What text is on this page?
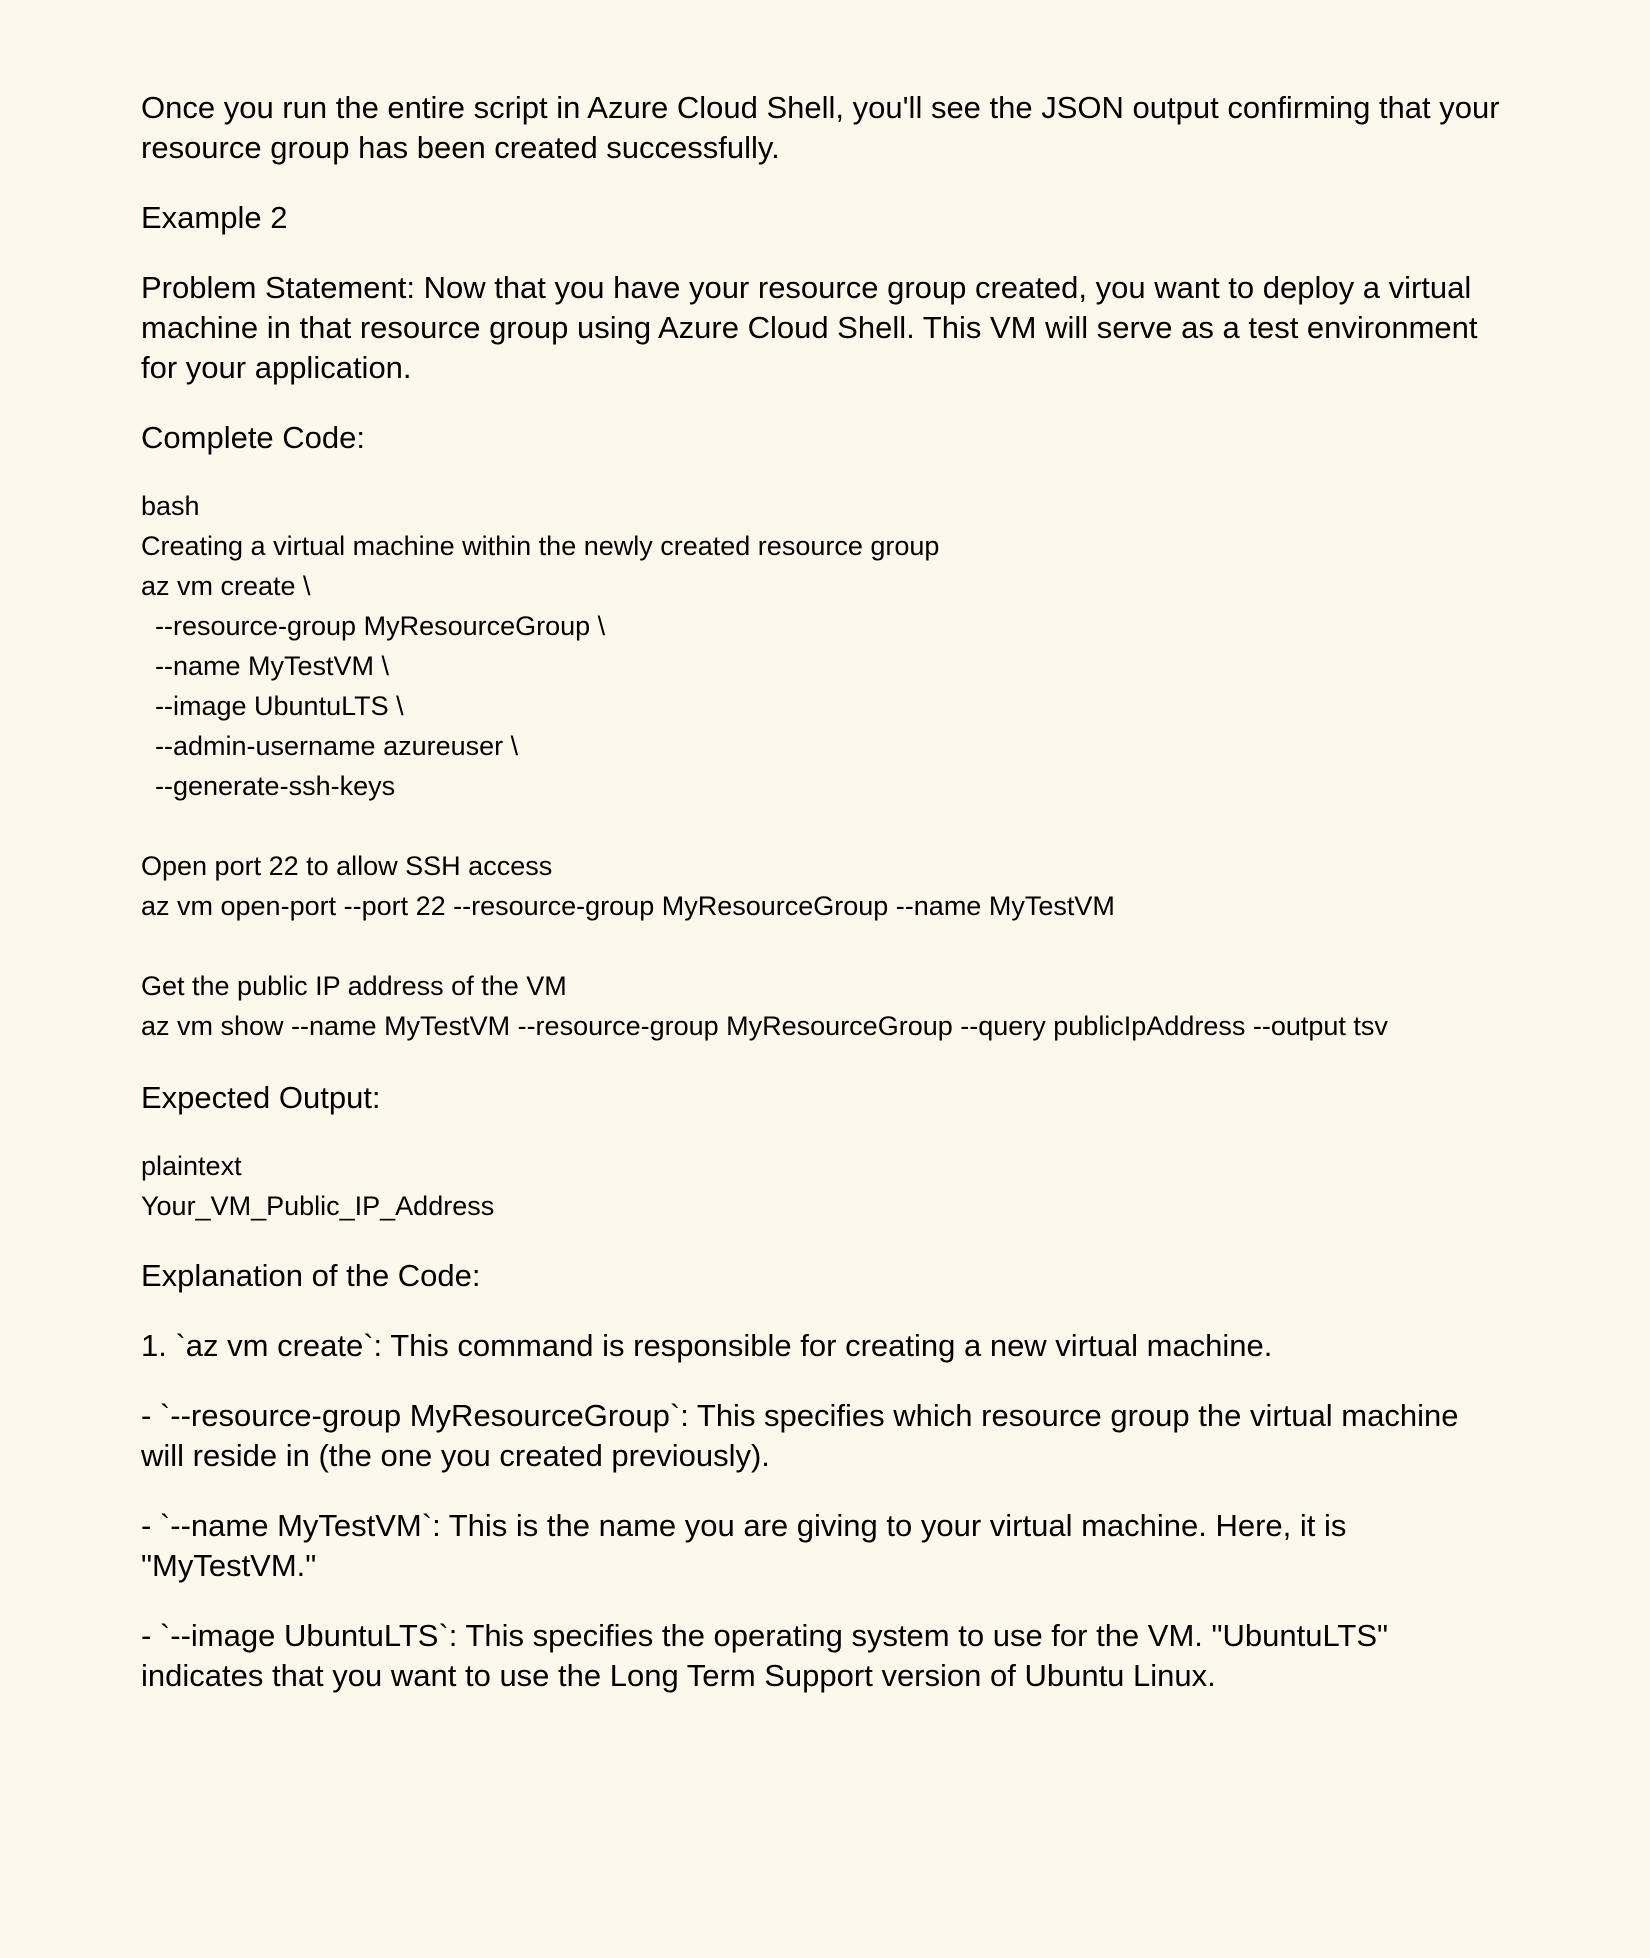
Once you run the entire script in Azure Cloud Shell, you'll see the JSON output confirming that your resource group has been created successfully.

Example 2

Problem Statement: Now that you have your resource group created, you want to deploy a virtual machine in that resource group using Azure Cloud Shell. This VM will serve as a test environment for your application.

Complete Code:

bash
Creating a virtual machine within the newly created resource group
az vm create \
--resource-group MyResourceGroup \
--name MyTestVM \
--image UbuntuLTS \
--admin-username azureuser \
--generate-ssh-keys
Open port 22 to allow SSH access
az vm open-port --port 22 --resource-group MyResourceGroup --name MyTestVM
Get the public IP address of the VM
az vm show --name MyTestVM --resource-group MyResourceGroup --query publicIpAddress --output tsv

Expected Output:

plaintext
Your_VM_Public_IP_Address

Explanation of the Code:

1. `az vm create`: This command is responsible for creating a new virtual machine.

- `--resource-group MyResourceGroup`: This specifies which resource group the virtual machine will reside in (the one you created previously).

- `--name MyTestVM`: This is the name you are giving to your virtual machine. Here, it is "MyTestVM."

- `--image UbuntuLTS`: This specifies the operating system to use for the VM. "UbuntuLTS" indicates that you want to use the Long Term Support version of Ubuntu Linux.
